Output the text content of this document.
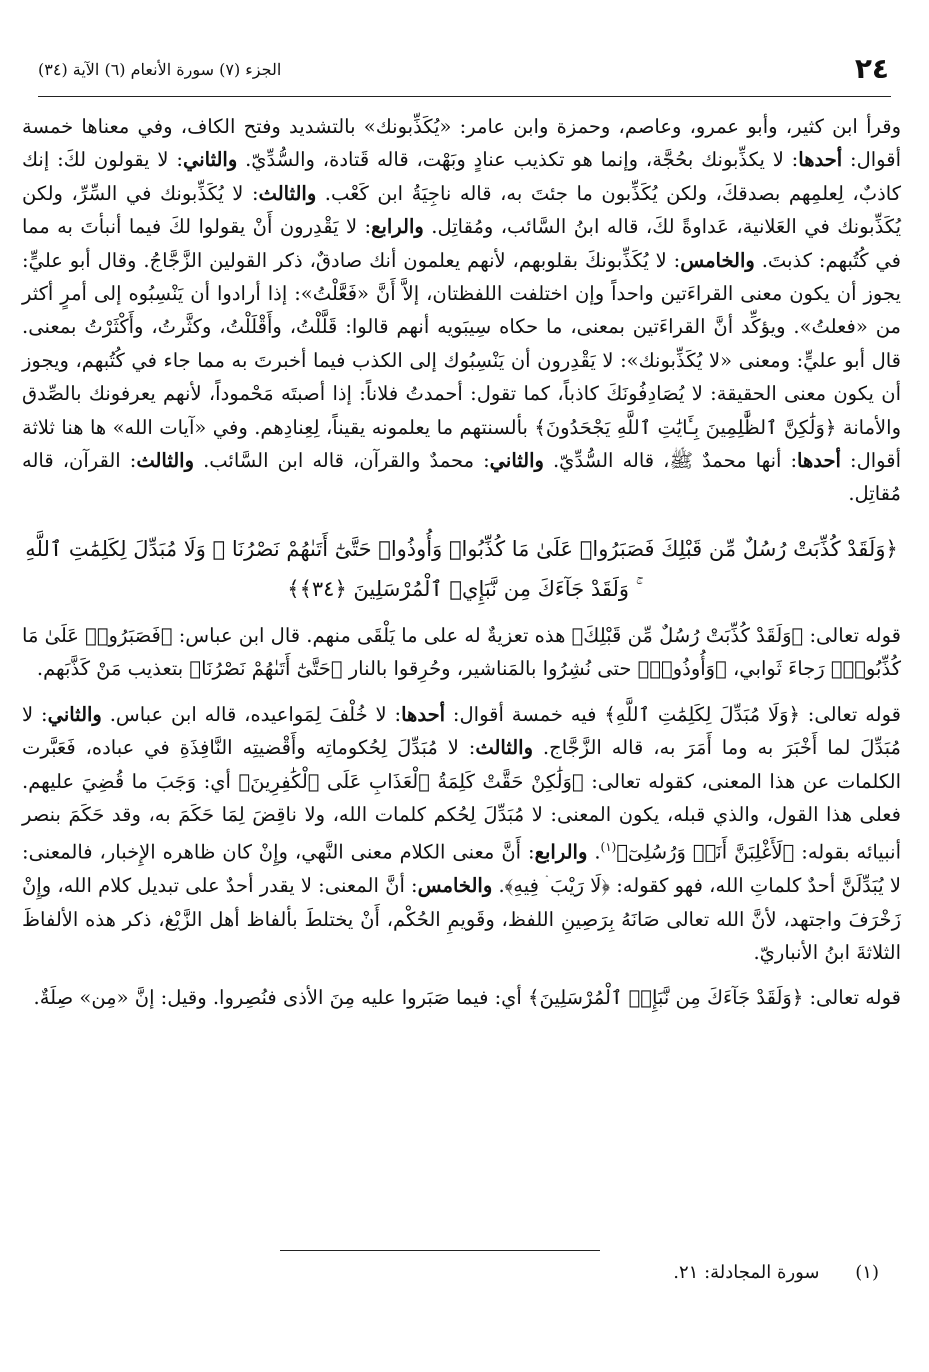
٢٤
الجزء (٧) سورة الأنعام (٦) الآية (٣٤)

وقرأ ابن كثير، وأبو عمرو، وعاصم، وحمزة وابن عامر: «يُكَذِّبونك» بالتشديد وفتح الكاف، وفي معناها خمسة أقوال: أحدها: لا يكذِّبونك بحُجَّة، وإنما هو تكذيب عنادٍ وبَهْت، قاله قَتادة، والسُّدِّيّ. والثاني: لا يقولون لكَ: إنك كاذبٌ، لِعلمِهم بصدقكَ، ولكن يُكَذِّبون ما جئتَ به، قاله ناجِيَةُ ابن كَعْب. والثالث: لا يُكَذِّبونك في السِّرِّ، ولكن يُكَذِّبونك في العَلانية، عَداوةً لكَ، قاله ابنُ السَّائب، ومُقاتِل. والرابع: لا يَقْدِرون أَنْ يقولوا لكَ فيما أنبأتَ به مما في كُتُبهم: كذبتَ. والخامس: لا يُكَذِّبونكَ بقلوبهم، لأنهم يعلمون أنك صادقٌ، ذكر القولين الزَّجَّاجُ. وقال أبو عليٍّ: يجوز أن يكون معنى القراءَتين واحداً وإن اختلفت اللفظتان، إلاَّ أَنَّ «فَعَّلْتُ»: إذا أرادوا أن يَنْسِبُوه إلى أمرٍ أكثر من «فعلتُ». ويؤكِّد أنَّ القراءَتين بمعنى، ما حكاه سِيبَويه أنهم قالوا: قَلَّلْتُ، وأَقْلَلْتُ، وكثَّرتُ، وأَكْثَرْتُ بمعنى. قال أبو عليٍّ: ومعنى «لا يُكَذِّبونك»: لا يَقْدِرون أن يَنْسِبُوك إلى الكذب فيما أخبرتَ به مما جاء في كُتُبهم، ويجوز أن يكون معنى الحقيقة: لا يُصَادِفُونَكَ كاذباً، كما تقول: أحمدتُ فلاناً: إذا أصبتَه مَحْموداً، لأنهم يعرفونك بالصِّدق والأمانة ﴿وَلَٰكِنَّ ٱلظَّٰلِمِينَ بِـَٔايَٰتِ ٱللَّهِ يَجْحَدُونَ﴾ بألسنتهم ما يعلمونه يقيناً، لِعِنادِهم. وفي «آيات الله» ها هنا ثلاثة أقوال: أحدها: أنها محمدٌ ﷺ، قاله السُّدِّيّ. والثاني: محمدٌ والقرآن، قاله ابن السَّائب. والثالث: القرآن، قاله مُقاتِل.

﴿وَلَقَدْ كُذِّبَتْ رُسُلٌ مِّن قَبْلِكَ فَصَبَرُوا۟ عَلَىٰ مَا كُذِّبُوا۟ وَأُوذُوا۟ حَتَّىٰٓ أَتَىٰهُمْ نَصْرُنَا ۚ وَلَا مُبَدِّلَ لِكَلِمَٰتِ ٱللَّهِ ۚ وَلَقَدْ جَآءَكَ مِن نَّبَإِي۟ ٱلْمُرْسَلِينَ ﴿٣٤﴾﴾

قوله تعالى: ﴿وَلَقَدْ كُذِّبَتْ رُسُلٌ مِّن قَبْلِكَ﴾ هذه تعزيةٌ له على ما يَلْقَى منهم. قال ابن عباس: ﴿فَصَبَرُوا۟ عَلَىٰ مَا كُذِّبُوا۟﴾ رَجاءَ ثَوابي، ﴿وَأُوذُوا۟﴾ حتى نُشِرُوا بالمَناشير، وحُرِقوا بالنار ﴿حَتَّىٰٓ أَتَىٰهُمْ نَصْرُنَا﴾ بتعذيب مَنْ كَذَّبَهم.

قوله تعالى: ﴿وَلَا مُبَدِّلَ لِكَلِمَٰتِ ٱللَّهِ﴾ فيه خمسة أقوال: أحدها: لا خُلْفَ لِمَواعيده، قاله ابن عباس. والثاني: لا مُبَدِّلَ لما أَخْبَرَ به وما أَمَرَ به، قاله الزَّجَّاج. والثالث: لا مُبَدِّلَ لِحُكوماتِه وأَقْضيتِه النَّافِذَةِ في عباده، فَعَبَّرت الكلمات عن هذا المعنى، كقوله تعالى: ﴿وَلَٰكِنْ حَقَّتْ كَلِمَةُ ٱلْعَذَابِ عَلَى ٱلْكَٰفِرِينَ﴾ أي: وَجَبَ ما قُضِيَ عليهم. فعلى هذا القول، والذي قبله، يكون المعنى: لا مُبَدِّلَ لِحُكم كلمات الله، ولا ناقِضَ لِمَا حَكَمَ به، وقد حَكَمَ بنصر أنبيائه بقوله: ﴿لَأَغْلِبَنَّ أَنَا۠ وَرُسُلِىٓ﴾$^{(١)}$. والرابع: أَنَّ معنى الكلام معنى النَّهي، وإِنْ كان ظاهره الإِخبار، فالمعنى: لا يُبَدِّلَنَّ أحدٌ كلماتِ الله، فهو كقوله: ﴿لَا رَيْبَ ۛ فِيهِ﴾. والخامس: أنَّ المعنى: لا يقدر أحدٌ على تبديل كلام الله، وإِنْ زَخْرَفَ واجتهد، لأنَّ الله تعالى صَانَهُ بِرَصِينِ اللفظ، وقَويمِ الحُكْم، أَنْ يختلطَ بألفاظ أهل الزَّيْغ، ذكر هذه الألفاظَ الثلاثةَ ابنُ الأنباريّ.

قوله تعالى: ﴿وَلَقَدْ جَآءَكَ مِن نَّبَإِي۟ ٱلْمُرْسَلِينَ﴾ أي: فيما صَبَروا عليه مِنَ الأذى فنُصِروا. وقيل: إنَّ «مِن» صِلَةٌ.

(١) سورة المجادلة: ٢١.
